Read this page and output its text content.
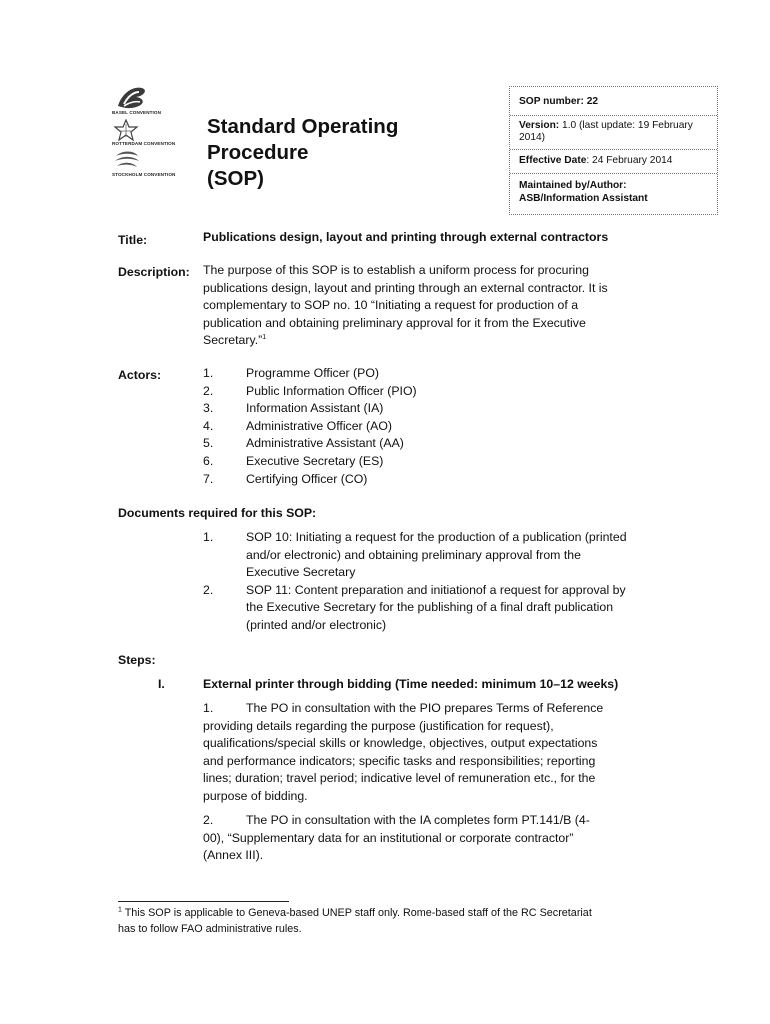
BASEL CONVENTION
ROTTERDAM CONVENTION
STOCKHOLM CONVENTION
Standard Operating Procedure
(SOP)
SOP number: 22
Version: 1.0 (last update: 19 February 2014)
Effective Date: 24 February 2014
Maintained by/Author:
ASB/Information Assistant
Title:	Publications design, layout and printing through external contractors
Description: The purpose of this SOP is to establish a uniform process for procuring
publications design, layout and printing through an external contractor. It is
complementary to SOP no. 10 “Initiating a request for production of a
publication and obtaining preliminary approval for it from the Executive
Secretary.”$^1$
Actors:	1.	Programme Officer (PO)
2.	Public Information Officer (PIO)
3.	Information Assistant (IA)
4.	Administrative Officer (AO)
5.	Administrative Assistant (AA)
6.	Executive Secretary (ES)
7.	Certifying Officer (CO)
Documents required for this SOP:
1.	SOP 10: Initiating a request for the production of a publication (printed
and/or electronic) and obtaining preliminary approval from the
Executive Secretary
2.	SOP 11: Content preparation and initiationof a request for approval by
the Executive Secretary for the publishing of a final draft publication
(printed and/or electronic)
Steps:
I.	External printer through bidding (Time needed: minimum 10–12 weeks)
1.	The PO in consultation with the PIO prepares Terms of Reference
providing details regarding the purpose (justification for request),
qualifications/special skills or knowledge, objectives, output expectations
and performance indicators; specific tasks and responsibilities; reporting
lines; duration; travel period; indicative level of remuneration etc., for the
purpose of bidding.
2.	The PO in consultation with the IA completes form PT.141/B (4-
00), “Supplementary data for an institutional or corporate contractor”
(Annex III).
$^1$ This SOP is applicable to Geneva-based UNEP staff only. Rome-based staff of the RC Secretariat
has to follow FAO administrative rules.
